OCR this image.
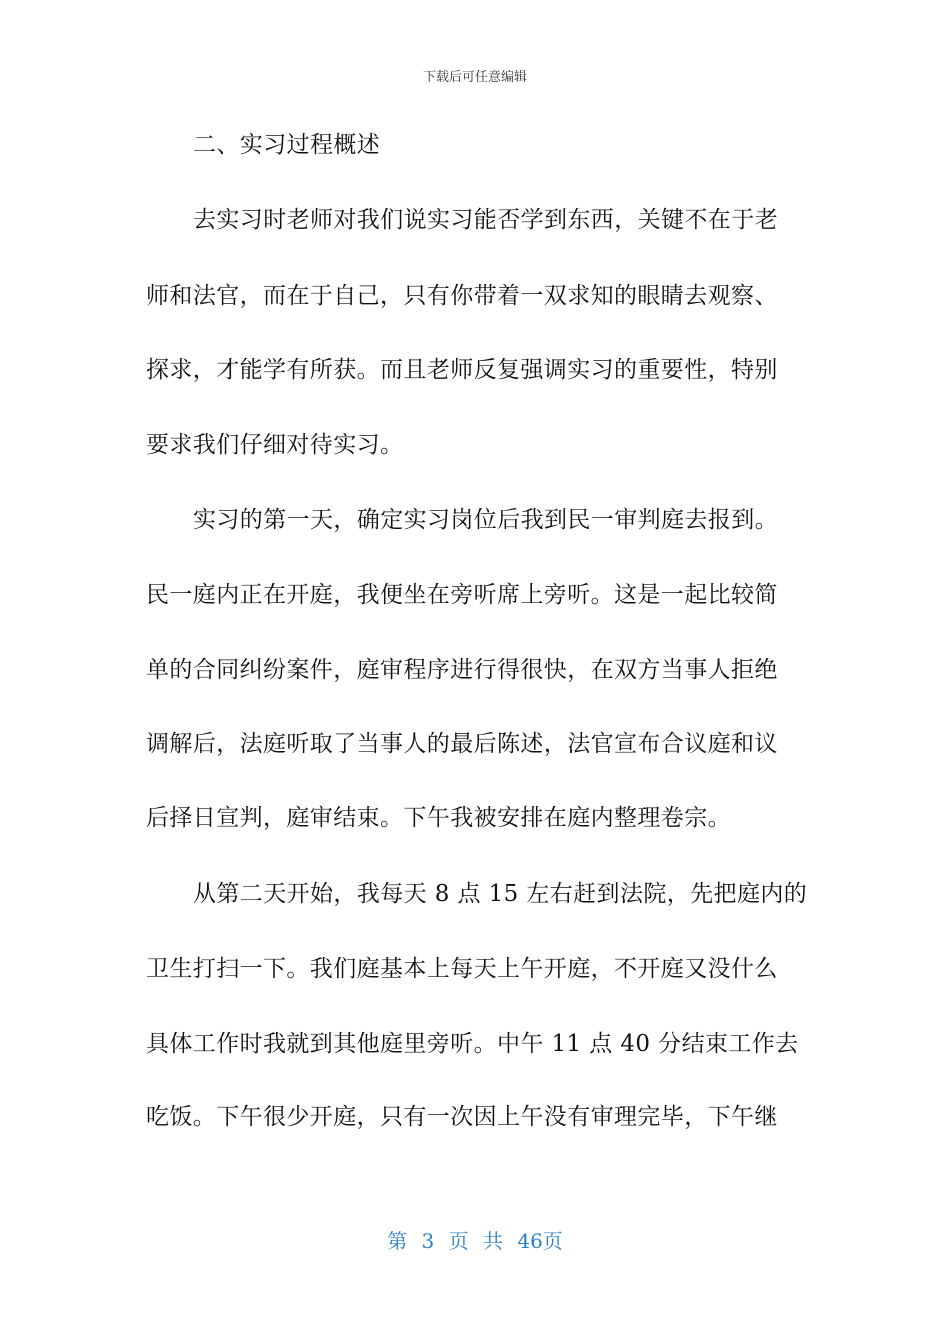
下载后可任意编辑
二、实习过程概述
去实习时老师对我们说实习能否学到东西，关键不在于老
师和法官，而在于自己，只有你带着一双求知的眼睛去观察、
探求，才能学有所获。而且老师反复强调实习的重要性，特别
要求我们仔细对待实习。
实习的第一天，确定实习岗位后我到民一审判庭去报到。
民一庭内正在开庭，我便坐在旁听席上旁听。这是一起比较简
单的合同纠纷案件，庭审程序进行得很快，在双方当事人拒绝
调解后，法庭听取了当事人的最后陈述，法官宣布合议庭和议
后择日宣判，庭审结束。下午我被安排在庭内整理卷宗。
从第二天开始，我每天 8 点 15 左右赶到法院，先把庭内的
卫生打扫一下。我们庭基本上每天上午开庭，不开庭又没什么
具体工作时我就到其他庭里旁听。中午 11 点 40 分结束工作去
吃饭。下午很少开庭，只有一次因上午没有审理完毕，下午继
第 3 页 共 46页
